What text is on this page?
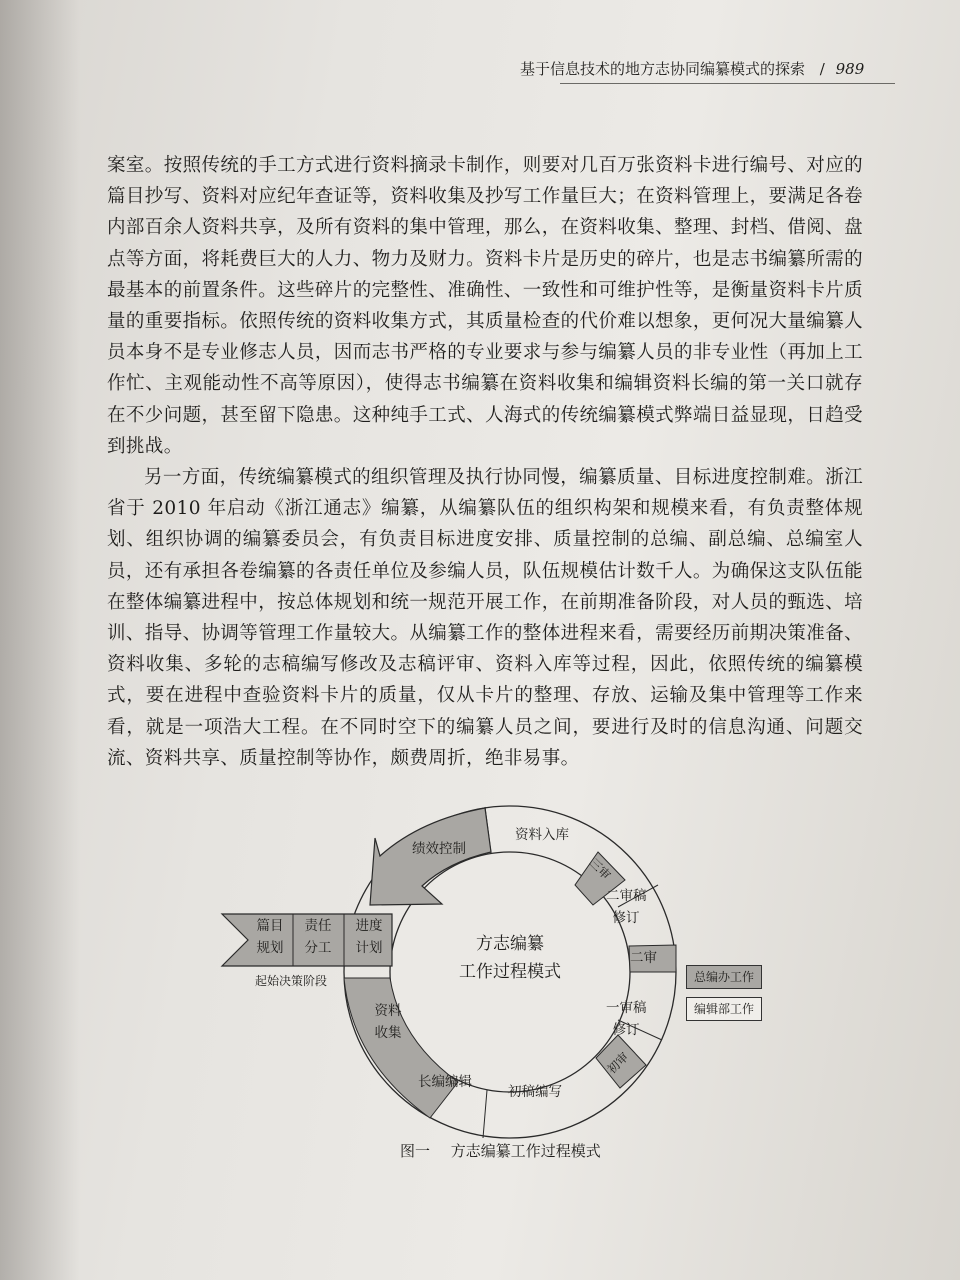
基于信息技术的地方志协同编纂模式的探索 / 989

案室。按照传统的手工方式进行资料摘录卡制作，则要对几百万张资料卡进行编号、对应的篇目抄写、资料对应纪年查证等，资料收集及抄写工作量巨大；在资料管理上，要满足各卷内部百余人资料共享，及所有资料的集中管理，那么，在资料收集、整理、封档、借阅、盘点等方面，将耗费巨大的人力、物力及财力。资料卡片是历史的碎片，也是志书编纂所需的最基本的前置条件。这些碎片的完整性、准确性、一致性和可维护性等，是衡量资料卡片质量的重要指标。依照传统的资料收集方式，其质量检查的代价难以想象，更何况大量编纂人员本身不是专业修志人员，因而志书严格的专业要求与参与编纂人员的非专业性（再加上工作忙、主观能动性不高等原因），使得志书编纂在资料收集和编辑资料长编的第一关口就存在不少问题，甚至留下隐患。这种纯手工式、人海式的传统编纂模式弊端日益显现，日趋受到挑战。

另一方面，传统编纂模式的组织管理及执行协同慢，编纂质量、目标进度控制难。浙江省于 2010 年启动《浙江通志》编纂，从编纂队伍的组织构架和规模来看，有负责整体规划、组织协调的编纂委员会，有负责目标进度安排、质量控制的总编、副总编、总编室人员，还有承担各卷编纂的各责任单位及参编人员，队伍规模估计数千人。为确保这支队伍能在整体编纂进程中，按总体规划和统一规范开展工作，在前期准备阶段，对人员的甄选、培训、指导、协调等管理工作量较大。从编纂工作的整体进程来看，需要经历前期决策准备、资料收集、多轮的志稿编写修改及志稿评审、资料入库等过程，因此，依照传统的编纂模式，要在进程中查验资料卡片的质量，仅从卡片的整理、存放、运输及集中管理等工作来看，就是一项浩大工程。在不同时空下的编纂人员之间，要进行及时的信息沟通、问题交流、资料共享、质量控制等协作，颇费周折，绝非易事。

篇目
规划
责任
分工
进度
计划
起始决策阶段
绩效控制
资料入库
三审
二审稿
修订
二审
一审稿
修订
初审
初稿编写
长编编辑
资料
收集
方志编纂
工作过程模式	总编办工作
编辑部工作
图一 方志编纂工作过程模式
